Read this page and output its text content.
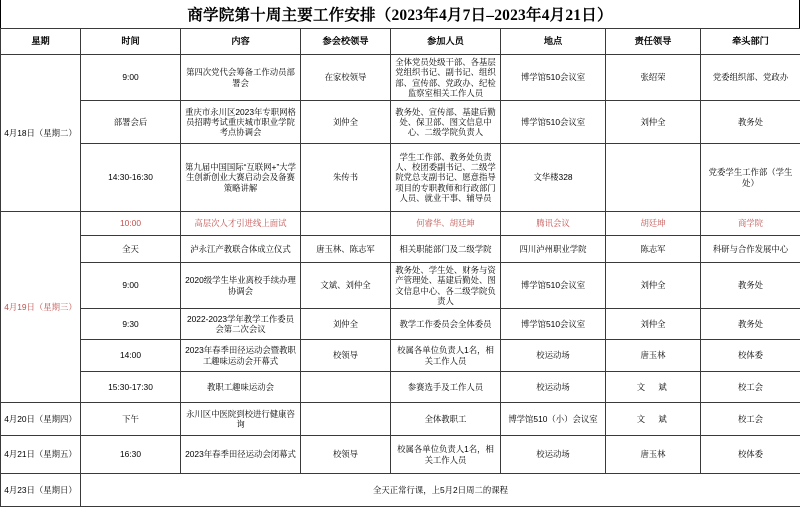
商学院第十周主要工作安排（2023年4月7日–2023年4月21日）
星期	时间	内容	参会校领导	参加人员	地点	责任领导	牵头部门
4月18日（星期二）	9:00	第四次党代会筹备工作动员部署会	在家校领导	全体党员处级干部、各基层党组织书记、副书记、组织部、宣传部、党政办、纪检监察室相关工作人员	博学馆510会议室	张绍荣	党委组织部、党政办
	部署会后	重庆市永川区2023年专职网格员招聘考试重庆城市职业学院考点协调会	刘仲全	教务处、宣传部、基建后勤处、保卫部、图文信息中心、二级学院负责人	博学馆510会议室	刘仲全	教务处
	14:30-16:30	第九届中国国际“互联网+”大学生创新创业大赛启动会及备赛策略讲解	朱传书	学生工作部、教务处负责人、校团委副书记、二级学院党总支副书记、愿意指导项目的专职教师和行政部门人员、就业干事、辅导员	文华楼328		党委学生工作部（学生处）
4月19日（星期三）	10:00	高层次人才引进线上面试		何睿华、胡廷坤	腾讯会议	胡廷坤	商学院
	全天	泸永江产教联合体成立仪式	唐玉林、陈志军	相关职能部门及二级学院	四川泸州职业学院	陈志军	科研与合作发展中心
	9:00	2020级学生毕业离校手续办理协调会	文斌、刘仲全	教务处、学生处、财务与资产管理处、基建后勤处、图文信息中心、各二级学院负责人	博学馆510会议室	刘仲全	教务处
	9:30	2022-2023学年教学工作委员会第二次会议	刘仲全	教学工作委员会全体委员	博学馆510会议室	刘仲全	教务处
	14:00	2023年春季田径运动会暨教职工趣味运动会开幕式	校领导	校属各单位负责人1名，相关工作人员	校运动场	唐玉林	校体委
	15:30-17:30	教职工趣味运动会		参赛选手及工作人员	校运动场	文　斌	校工会
4月20日（星期四）	下午	永川区中医院到校进行健康咨询		全体教职工	博学馆510（小）会议室	文　斌	校工会
4月21日（星期五）	16:30	2023年春季田径运动会闭幕式	校领导	校属各单位负责人1名，相关工作人员	校运动场	唐玉林	校体委
4月23日（星期日）	全天正常行课，上5月2日周二的课程						
